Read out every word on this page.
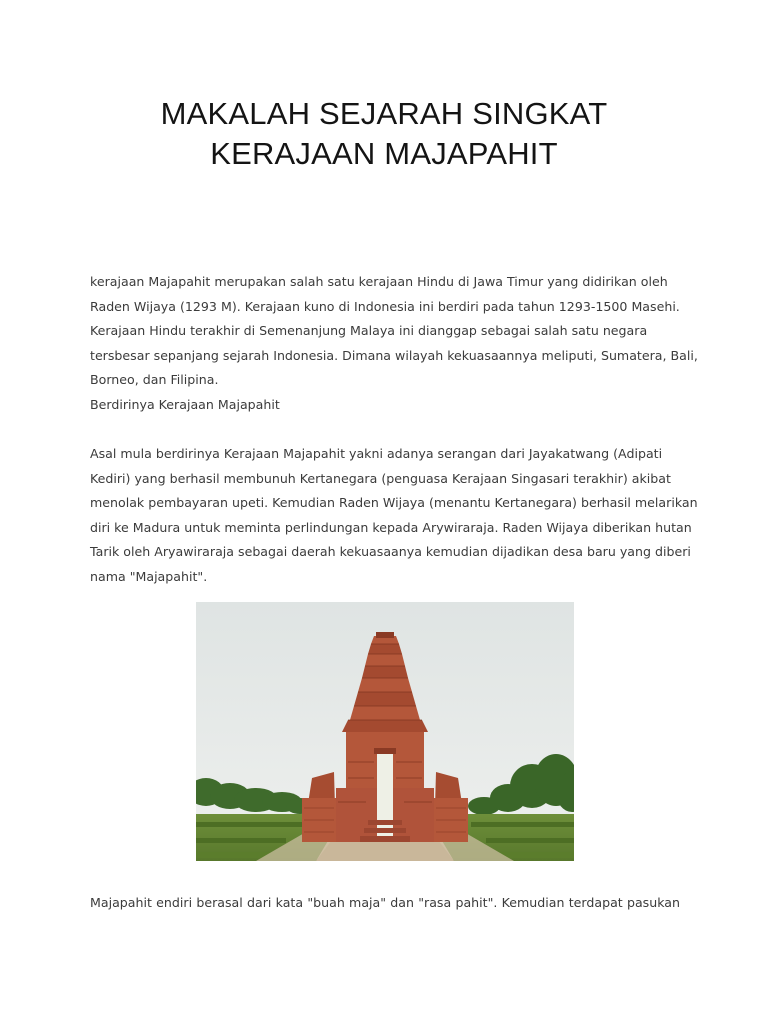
MAKALAH SEJARAH SINGKAT
KERAJAAN MAJAPAHIT
kerajaan Majapahit merupakan salah satu kerajaan Hindu di Jawa Timur yang didirikan oleh
Raden Wijaya (1293 M). Kerajaan kuno di Indonesia ini berdiri pada tahun 1293-1500 Masehi.
Kerajaan Hindu terakhir di Semenanjung Malaya ini dianggap sebagai salah satu negara
tersbesar sepanjang sejarah Indonesia. Dimana wilayah kekuasaannya meliputi, Sumatera, Bali,
Borneo, dan Filipina.
Berdirinya Kerajaan Majapahit
Asal mula berdirinya Kerajaan Majapahit yakni adanya serangan dari Jayakatwang (Adipati
Kediri) yang berhasil membunuh Kertanegara (penguasa Kerajaan Singasari terakhir) akibat
menolak pembayaran upeti. Kemudian Raden Wijaya (menantu Kertanegara) berhasil melarikan
diri ke Madura untuk meminta perlindungan kepada Arywiraraja. Raden Wijaya diberikan hutan
Tarik oleh Aryawiraraja sebagai daerah kekuasaanya kemudian dijadikan desa baru yang diberi
nama "Majapahit".
Majapahit endiri berasal dari kata "buah maja" dan "rasa pahit". Kemudian terdapat pasukan
